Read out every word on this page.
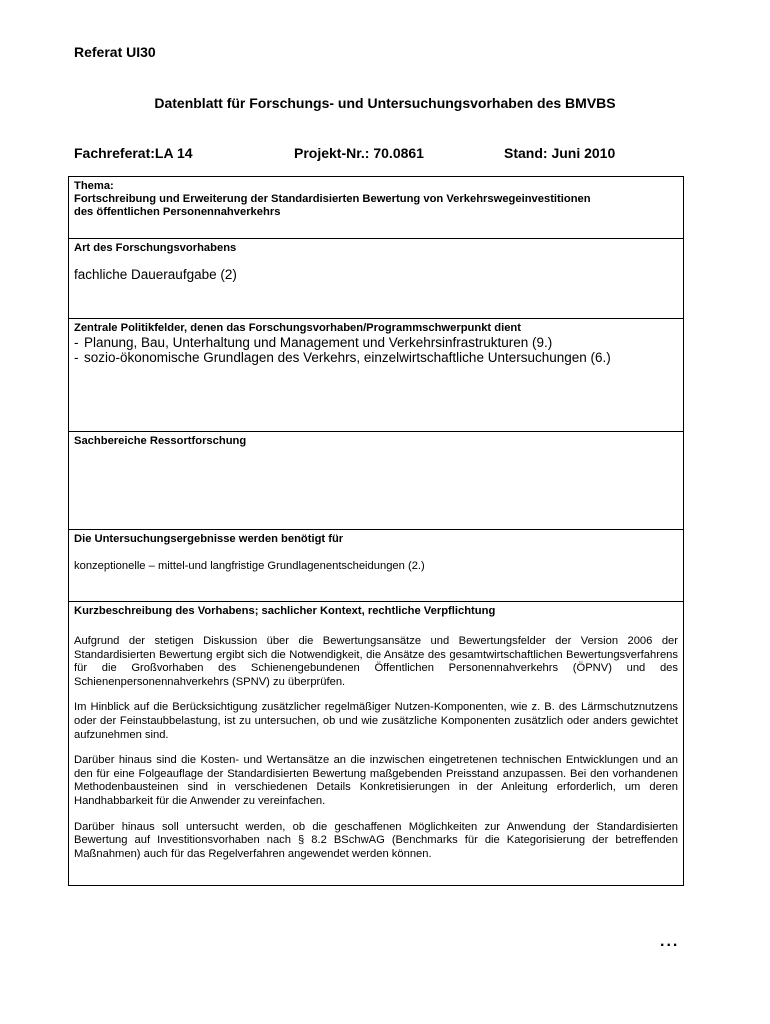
Referat UI30
Datenblatt für Forschungs- und Untersuchungsvorhaben des BMVBS
Fachreferat:LA 14	Projekt-Nr.: 70.0861	Stand: Juni 2010
Thema:
Fortschreibung und Erweiterung der Standardisierten Bewertung von Verkehrswegeinvestitionen
des öffentlichen Personennahverkehrs
Art des Forschungsvorhabens
fachliche Daueraufgabe (2)
Zentrale Politikfelder, denen das Forschungsvorhaben/Programmschwerpunkt dient
- Planung, Bau, Unterhaltung und Management und Verkehrsinfrastrukturen (9.)
- sozio-ökonomische Grundlagen des Verkehrs, einzelwirtschaftliche Untersuchungen (6.)
Sachbereiche Ressortforschung
Die Untersuchungsergebnisse werden benötigt für
konzeptionelle – mittel-und langfristige Grundlagenentscheidungen (2.)
Kurzbeschreibung des Vorhabens; sachlicher Kontext, rechtliche Verpflichtung

Aufgrund der stetigen Diskussion über die Bewertungsansätze und Bewertungsfelder der Version 2006 der Standardisierten Bewertung ergibt sich die Notwendigkeit, die Ansätze des gesamtwirtschaftlichen Bewertungsverfahrens für die Großvorhaben des Schienengebundenen Öffentlichen Personennahverkehrs (ÖPNV) und des Schienenpersonennahverkehrs (SPNV) zu überprüfen.

Im Hinblick auf die Berücksichtigung zusätzlicher regelmäßiger Nutzen-Komponenten, wie z. B. des Lärmschutznutzens oder der Feinstaubbelastung, ist zu untersuchen, ob und wie zusätzliche Komponenten zusätzlich oder anders gewichtet aufzunehmen sind.

Darüber hinaus sind die Kosten- und Wertansätze an die inzwischen eingetretenen technischen Entwicklungen und an den für eine Folgeauflage der Standardisierten Bewertung maßgebenden Preisstand anzupassen. Bei den vorhandenen Methodenbausteinen sind in verschiedenen Details Konkretisierungen in der Anleitung erforderlich, um deren Handhabbarkeit für die Anwender zu vereinfachen.

Darüber hinaus soll untersucht werden, ob die geschaffenen Möglichkeiten zur Anwendung der Standardisierten Bewertung auf Investitionsvorhaben nach § 8.2 BSchwAG (Benchmarks für die Kategorisierung der betreffenden Maßnahmen) auch für das Regelverfahren angewendet werden können.

...
